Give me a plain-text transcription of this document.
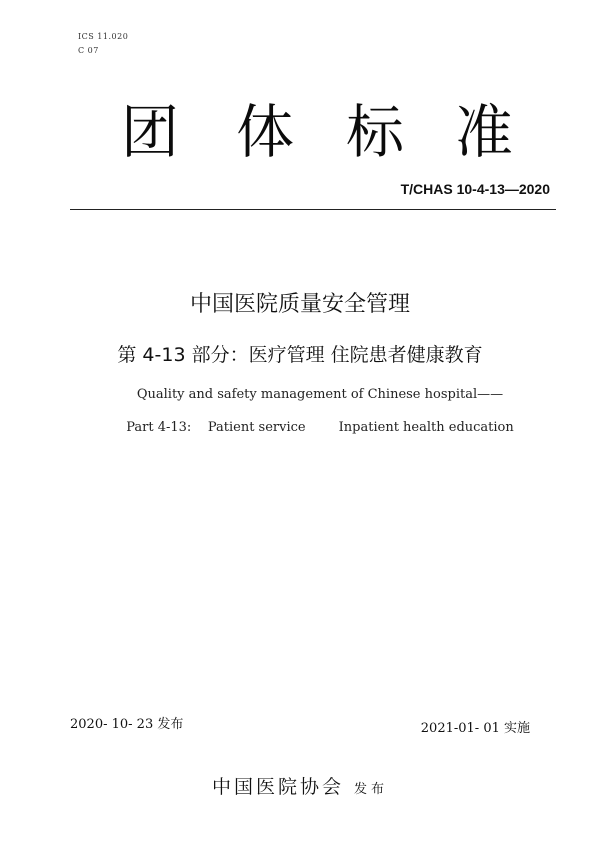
ICS 11.020
C 07
团 体 标 准
T/CHAS 10-4-13—2020
中国医院质量安全管理
第 4-13 部分：医疗管理 住院患者健康教育
Quality and safety management of Chinese hospital——
Part 4-13:    Patient service        Inpatient health education
2020- 10- 23 发布	2021-01- 01 实施
中国医院协会 发布
